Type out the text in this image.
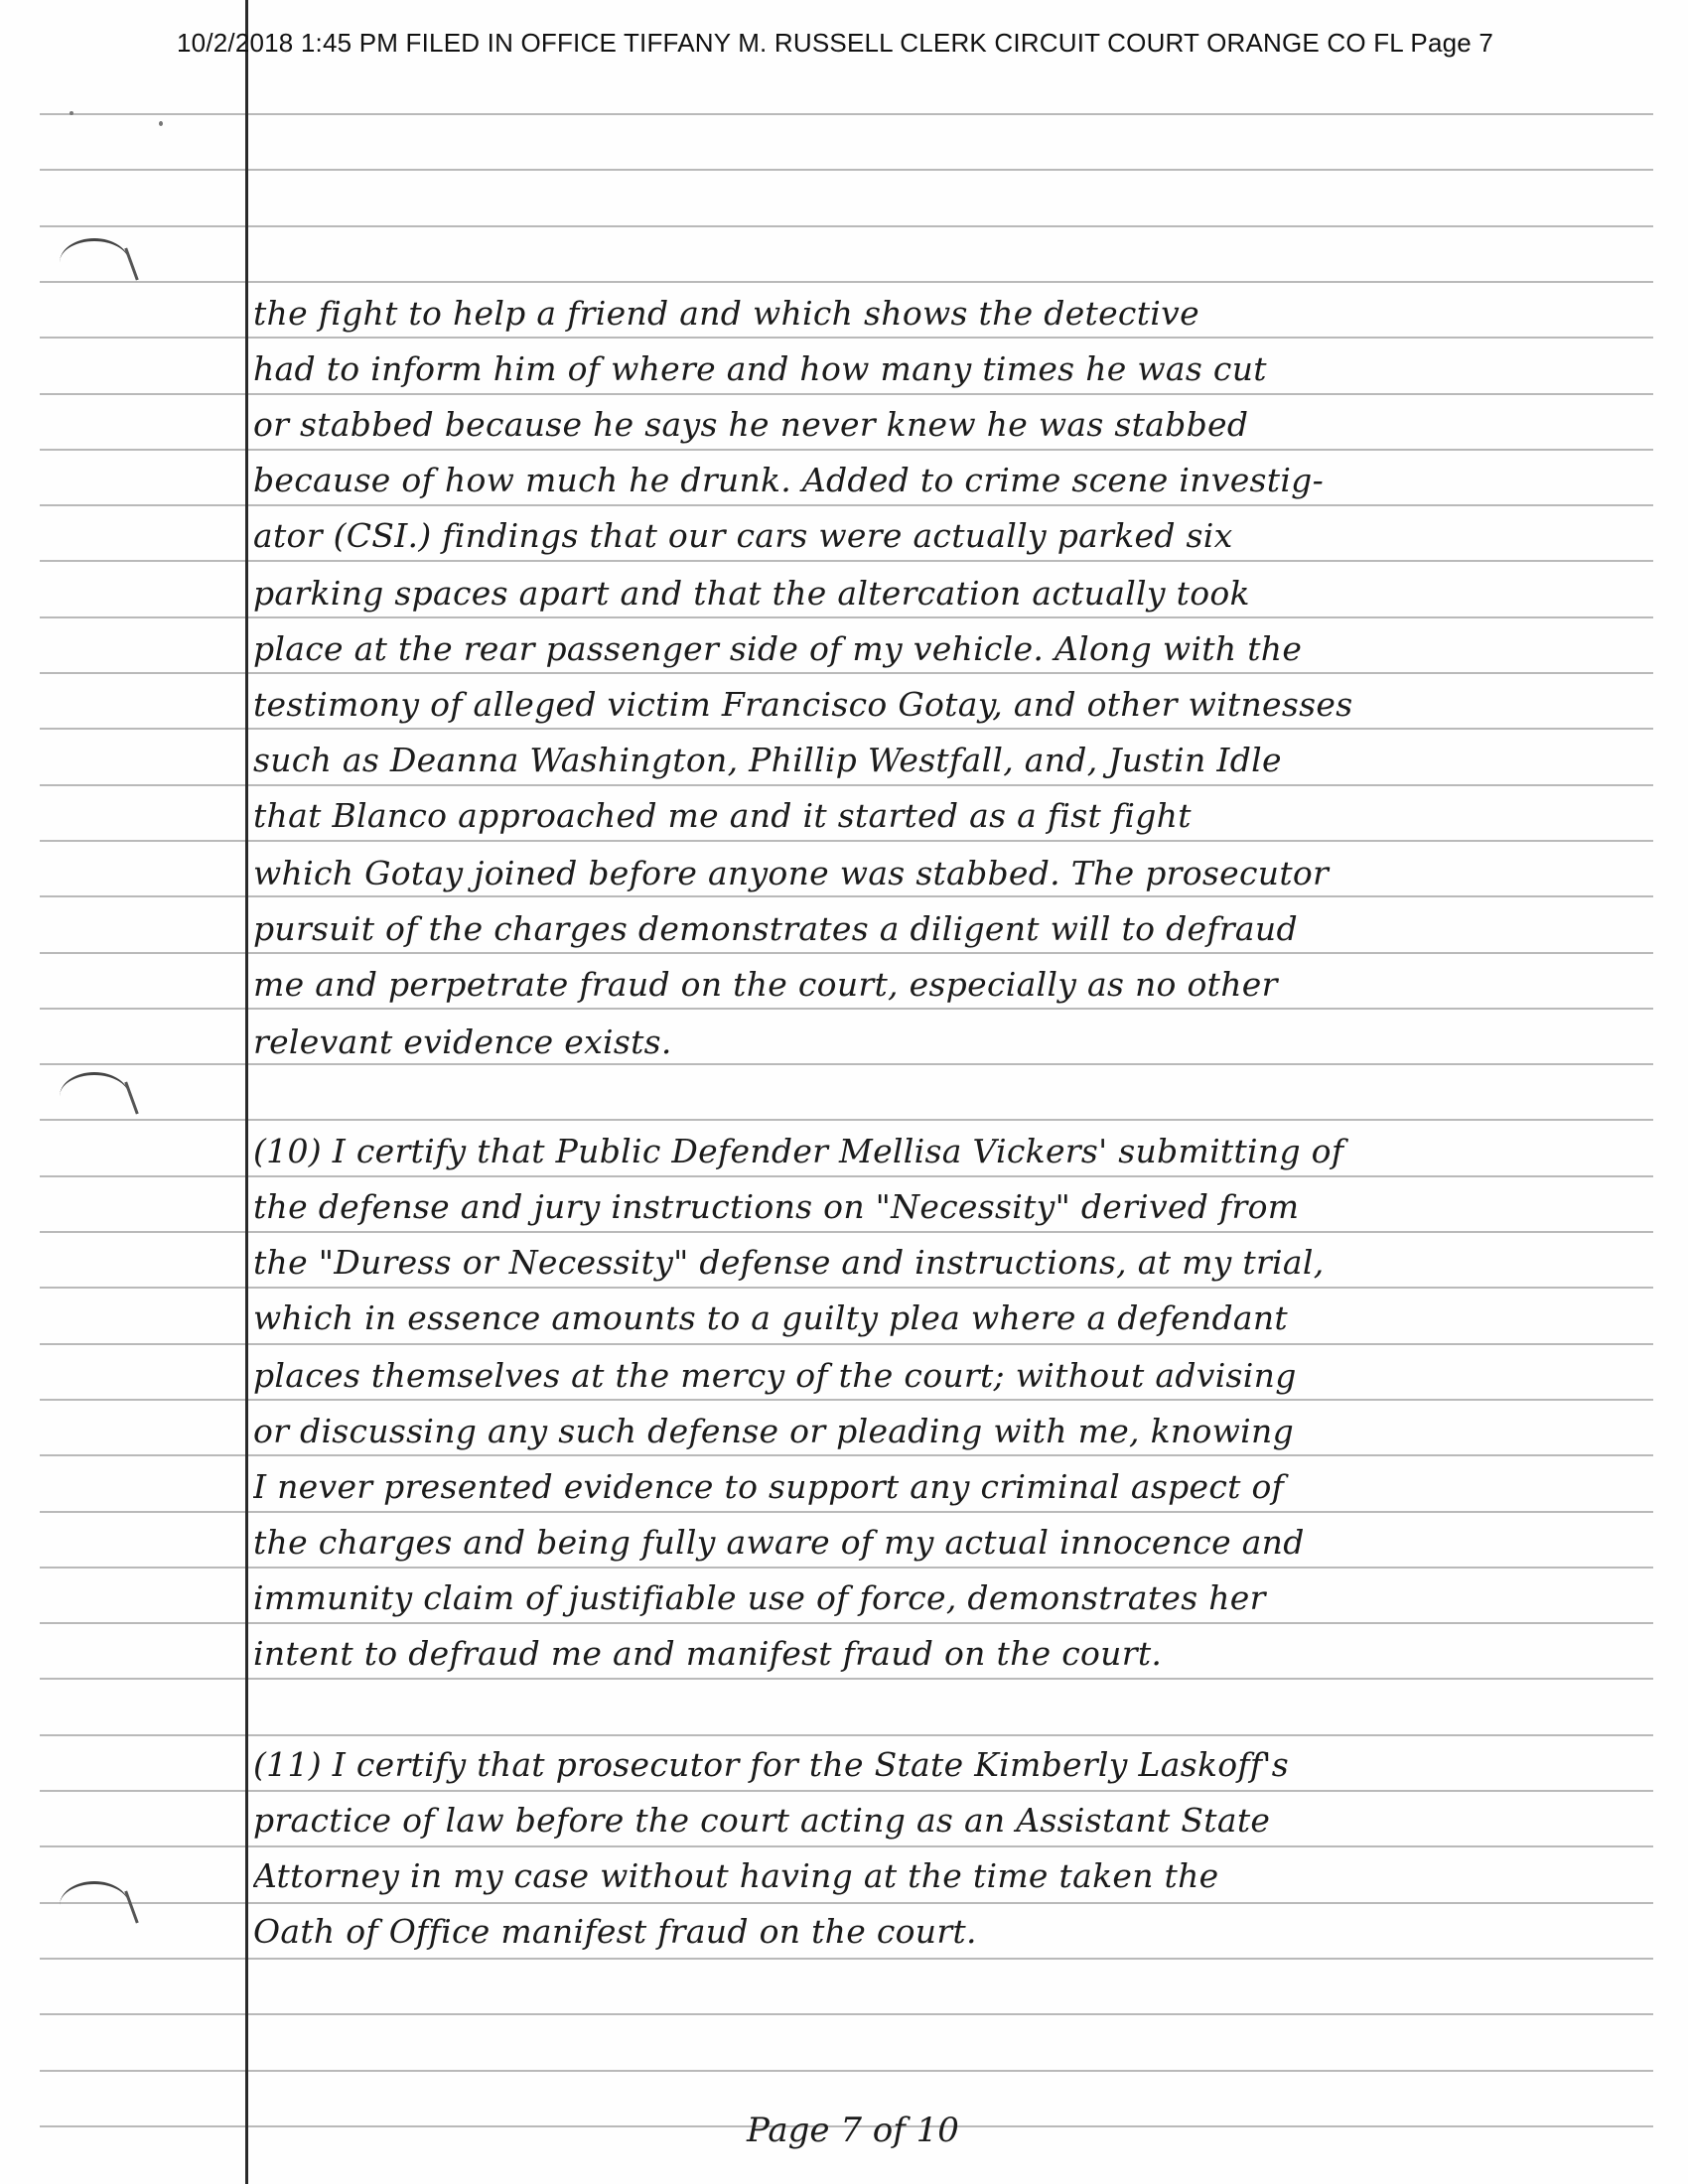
10/2/2018 1:45 PM FILED IN OFFICE TIFFANY M. RUSSELL CLERK CIRCUIT COURT ORANGE CO FL Page 7
the fight to help a friend and which shows the detective
had to inform him of where and how many times he was cut
or stabbed because he says he never knew he was stabbed
because of how much he drunk. Added to crime scene investig-
ator (CSI.) findings that our cars were actually parked six
parking spaces apart and that the altercation actually took
place at the rear passenger side of my vehicle. Along with the
testimony of alleged victim Francisco Gotay, and other witnesses
such as Deanna Washington, Phillip Westfall, and, Justin Idle
that Blanco approached me and it started as a fist fight
which Gotay joined before anyone was stabbed. The prosecutor
pursuit of the charges demonstrates a diligent will to defraud
me and perpetrate fraud on the court, especially as no other
relevant evidence exists.
(10) I certify that Public Defender Mellisa Vickers' submitting of
the defense and jury instructions on "Necessity" derived from
the "Duress or Necessity" defense and instructions, at my trial,
which in essence amounts to a guilty plea where a defendant
places themselves at the mercy of the court; without advising
or discussing any such defense or pleading with me, knowing
I never presented evidence to support any criminal aspect of
the charges and being fully aware of my actual innocence and
immunity claim of justifiable use of force, demonstrates her
intent to defraud me and manifest fraud on the court.
(11) I certify that prosecutor for the State Kimberly Laskoff's
practice of law before the court acting as an Assistant State
Attorney in my case without having at the time taken the
Oath of Office manifest fraud on the court.
Page 7 of 10
